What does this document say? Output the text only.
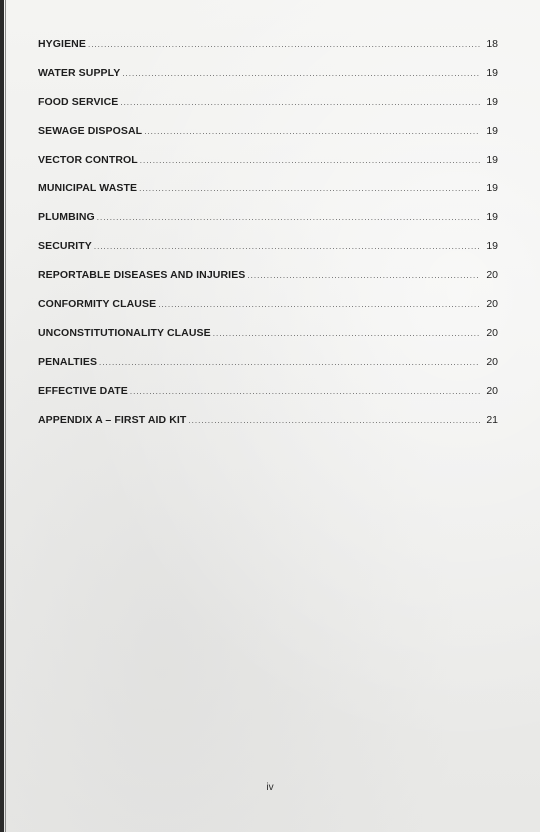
HYGIENE .....	18
WATER SUPPLY .....	19
FOOD SERVICE .....	19
SEWAGE DISPOSAL .....	19
VECTOR CONTROL .....	19
MUNICIPAL WASTE .....	19
PLUMBING .....	19
SECURITY .....	19
REPORTABLE DISEASES AND INJURIES .....	20
CONFORMITY CLAUSE .....	20
UNCONSTITUTIONALITY CLAUSE .....	20
PENALTIES .....	20
EFFECTIVE DATE .....	20
APPENDIX A – FIRST AID KIT .....	21
iv
